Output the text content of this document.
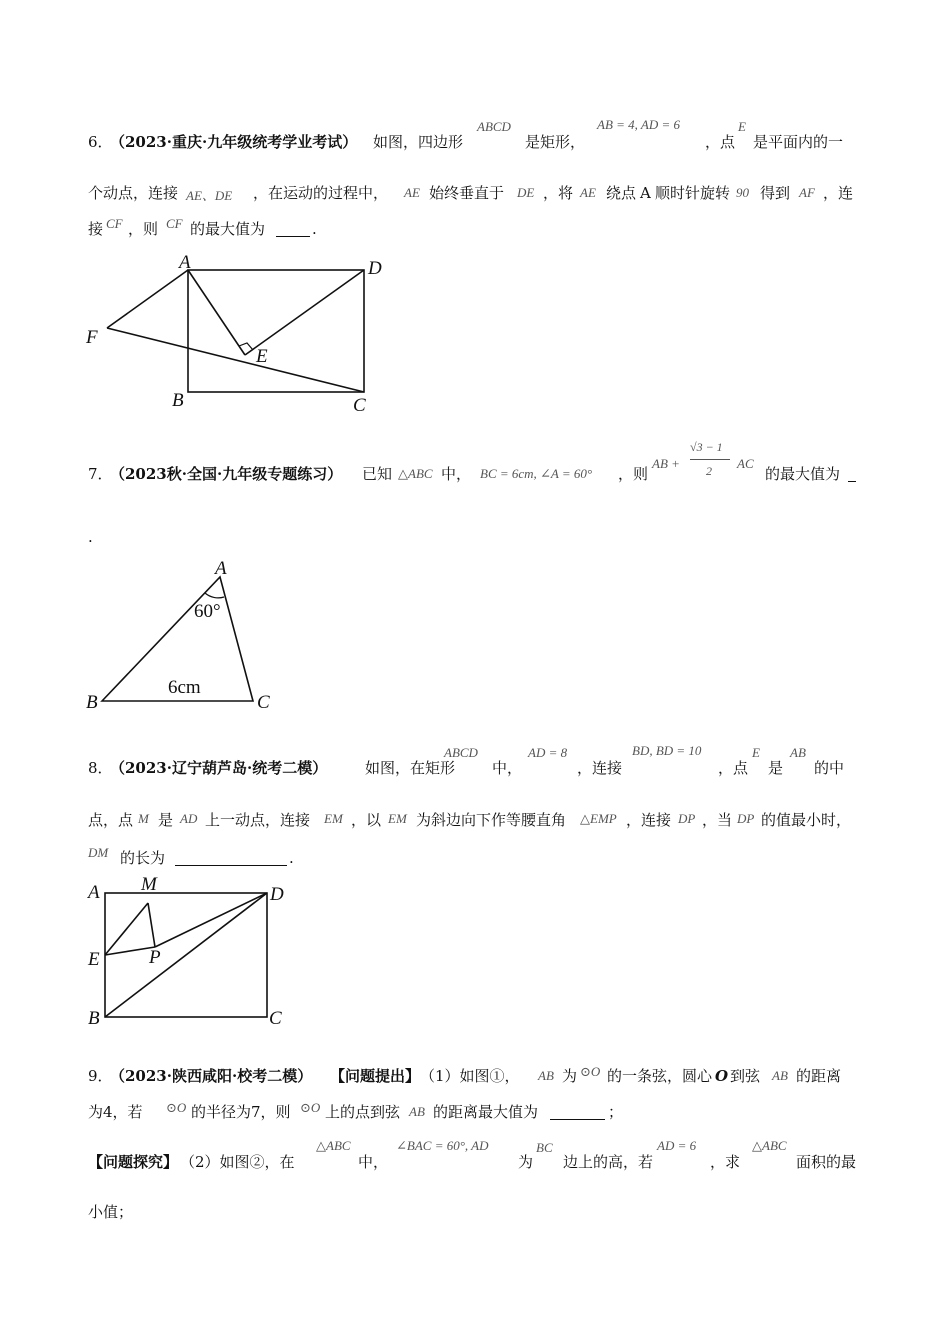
6．
（2023·重庆·九年级统考学业考试） 如图，四边形
ABCD
是矩形，
AB = 4, AD = 6
，点
E
是平面内的一
个动点，连接 AE、DE ，在运动的过程中， AE 始终垂直于 DE ，将 AE 绕点 A 顺时针旋转 90 得到 AF ，连
接 CF ，则 CF 的最大值为	.
A	D
F
E
B	C
7．
（2023秋·全国·九年级专题练习） 已知 △ABC 中， BC = 6cm, ∠A = 60° ，则
AB +
√3 − 1
2 AC
的最大值为
.
A
60°
6cm
B	C
8．
（2023·辽宁葫芦岛·统考二模）	如图，在矩形
ABCD
中，
AD = 8
，连接
BD, BD = 10
，点
E
是
AB
的中
点，点 M 是 AD 上一动点，连接 EM ，以 EM 为斜边向下作等腰直角 △EMP ，连接 DP ，当 DP 的值最小时，
DM 的长为	.
A M	D
E	P
B	C
9．
（2023·陕西咸阳·校考二模） 【问题提出】 （1）如图①， AB 为 ⊙O 的一条弦，圆心 O 到弦 AB 的距离
为4，若 ⊙O 的半径为7，则 ⊙O 上的点到弦 AB 的距离最大值为	；
【问题探究】 （2）如图②，在
△ABC
中，
∠BAC = 60°, AD
为
BC
边上的高，若
AD = 6
，求
△ABC
面积的最
小值；
